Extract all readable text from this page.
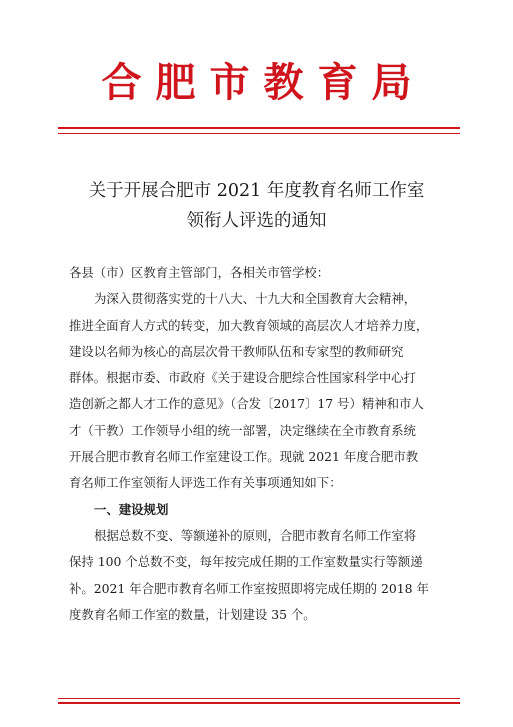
合肥市教育局
关于开展合肥市 2021 年度教育名师工作室
领衔人评选的通知
各县（市）区教育主管部门，各相关市管学校：
为深入贯彻落实党的十八大、十九大和全国教育大会精神，
推进全面育人方式的转变，加大教育领域的高层次人才培养力度，
建设以名师为核心的高层次骨干教师队伍和专家型的教师研究
群体。根据市委、市政府《关于建设合肥综合性国家科学中心打
造创新之都人才工作的意见》（合发〔2017〕17 号）精神和市人
才（干教）工作领导小组的统一部署，决定继续在全市教育系统
开展合肥市教育名师工作室建设工作。现就 2021 年度合肥市教
育名师工作室领衔人评选工作有关事项通知如下：
一、建设规划
根据总数不变、等额递补的原则，合肥市教育名师工作室将
保持 100 个总数不变，每年按完成任期的工作室数量实行等额递
补。2021 年合肥市教育名师工作室按照即将完成任期的 2018 年
度教育名师工作室的数量，计划建设 35 个。
